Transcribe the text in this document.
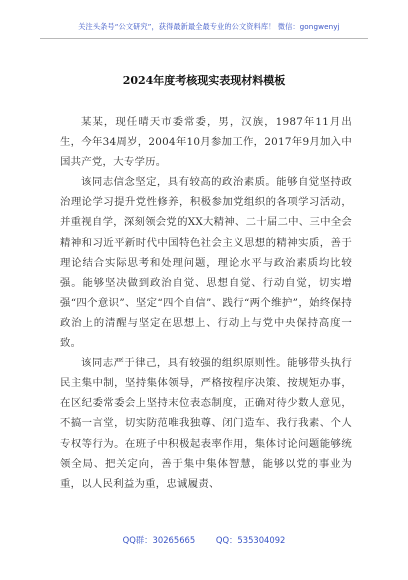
关注头条号“公文研究”，获得最新最全最专业的公文资料库！ 微信：gongwenyj
2024年度考核现实表现材料模板

某某，现任晴天市委常委，男，汉族，1987年11月出生，今年34周岁，2004年10月参加工作，2017年9月加入中国共产党，大专学历。

该同志信念坚定，具有较高的政治素质。能够自觉坚持政治理论学习提升党性修养，积极参加党组织的各项学习活动，并重视自学，深刻领会党的XX大精神、二十届二中、三中全会精神和习近平新时代中国特色社会主义思想的精神实质，善于理论结合实际思考和处理问题，理论水平与政治素质均比较强。能够坚决做到政治自觉、思想自觉、行动自觉，切实增强“四个意识”、坚定“四个自信”、践行“两个维护”，始终保持政治上的清醒与坚定在思想上、行动上与党中央保持高度一致。

该同志严于律己，具有较强的组织原则性。能够带头执行民主集中制，坚持集体领导，严格按程序决策、按规矩办事，在区纪委常委会上坚持末位表态制度，正确对待少数人意见，不搞一言堂，切实防范唯我独尊、闭门造车、我行我素、个人专权等行为。在班子中积极起表率作用，集体讨论问题能够统领全局、把关定向，善于集中集体智慧，能够以党的事业为重，以人民利益为重，忠诚履责、

QQ群：30265665 QQ：535304092
